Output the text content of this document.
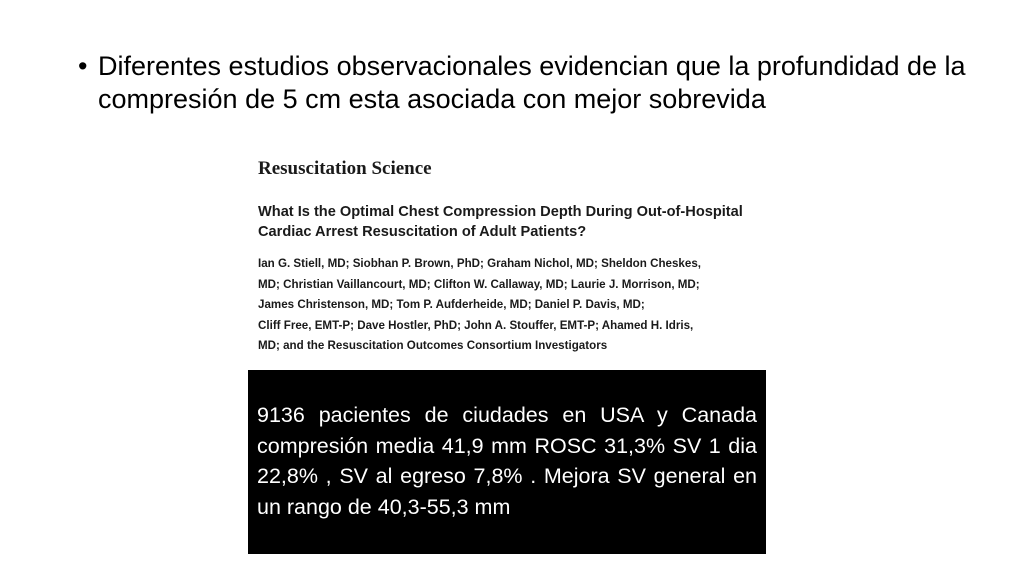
• Diferentes estudios observacionales evidencian que la profundidad de la compresión de 5 cm esta asociada con mejor sobrevida
Resuscitation Science
What Is the Optimal Chest Compression Depth During Out-of-Hospital Cardiac Arrest Resuscitation of Adult Patients?
Ian G. Stiell, MD; Siobhan P. Brown, PhD; Graham Nichol, MD; Sheldon Cheskes,
MD; Christian Vaillancourt, MD; Clifton W. Callaway, MD; Laurie J. Morrison, MD;
James Christenson, MD; Tom P. Aufderheide, MD; Daniel P. Davis, MD;
Cliff Free, EMT-P; Dave Hostler, PhD; John A. Stouffer, EMT-P; Ahamed H. Idris,
MD; and the Resuscitation Outcomes Consortium Investigators
9136 pacientes de ciudades en USA y Canada compresión media 41,9 mm ROSC 31,3% SV 1 dia 22,8% , SV al egreso 7,8% . Mejora SV general en un rango de 40,3-55,3 mm
